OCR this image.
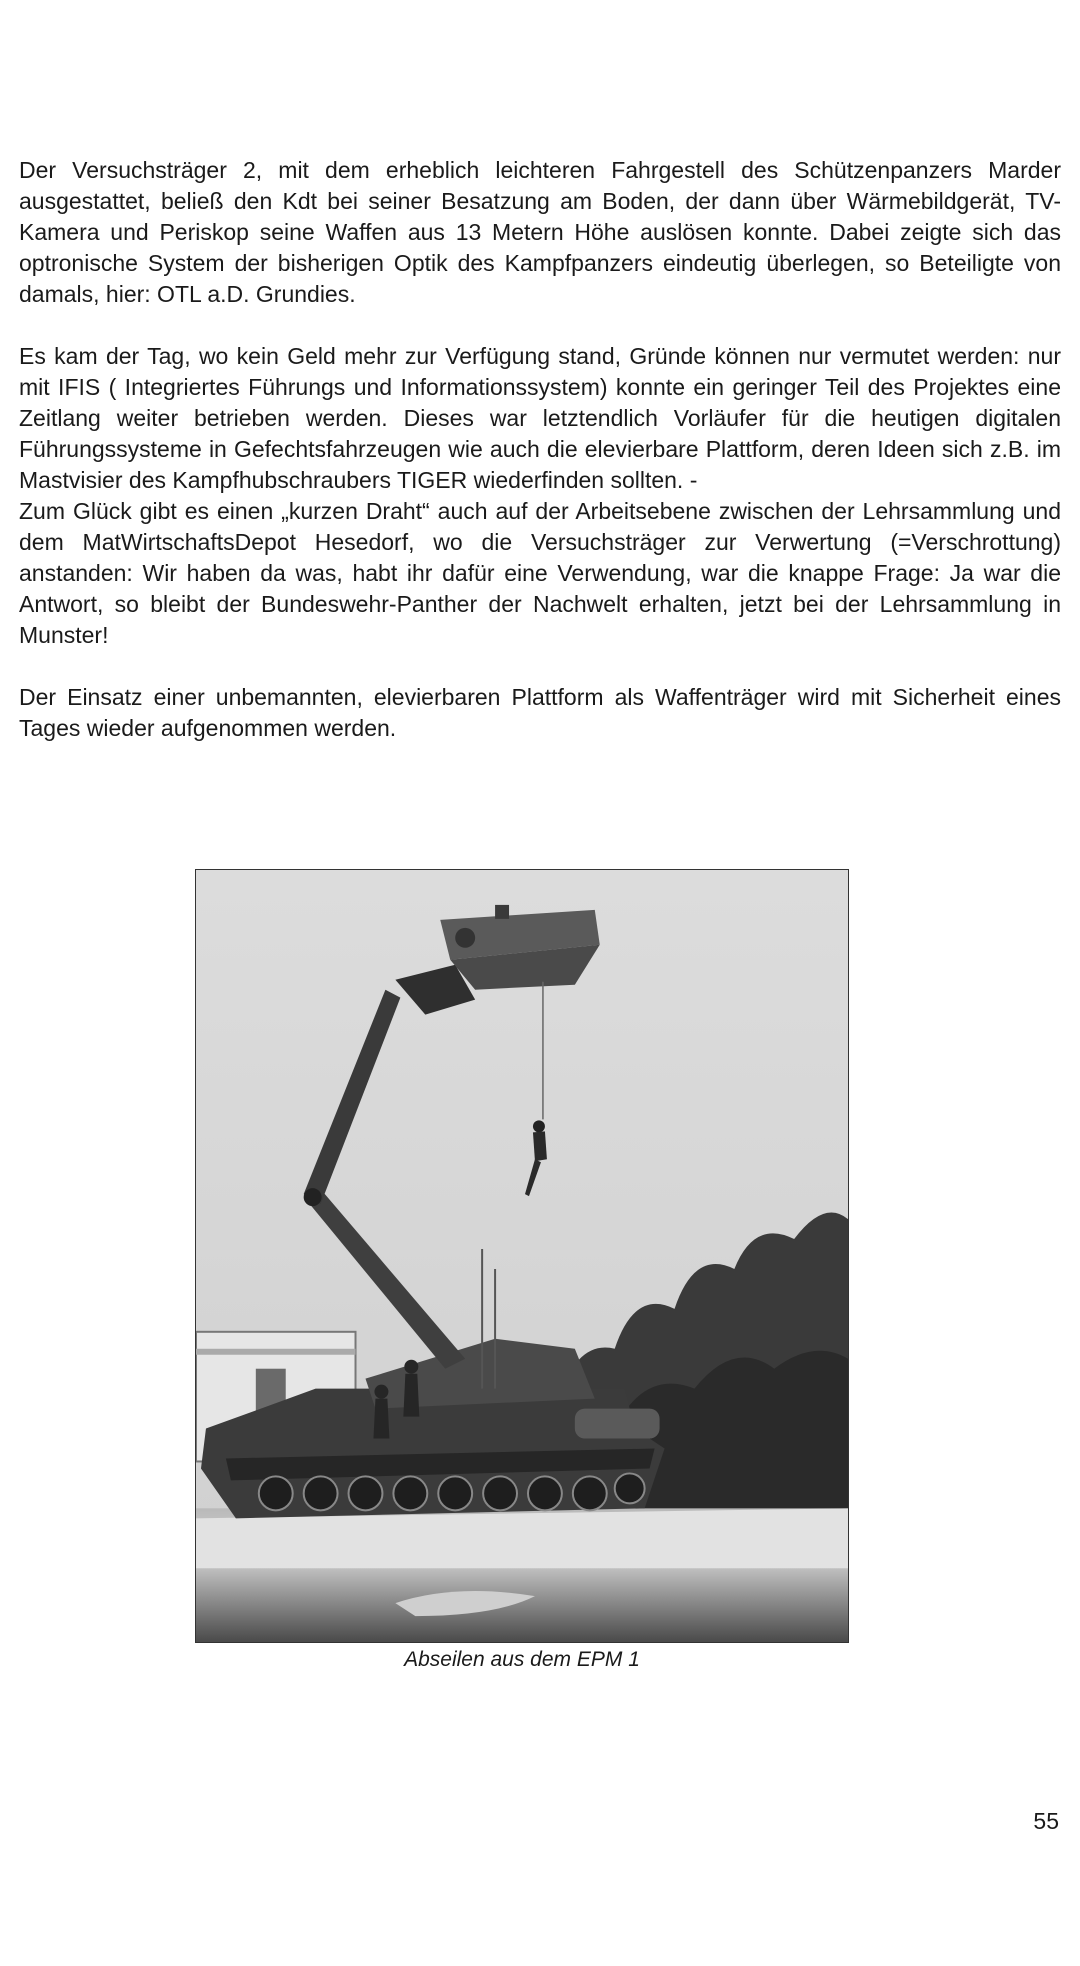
Der Versuchsträger 2, mit dem erheblich leichteren Fahrgestell des Schützenpanzers Marder ausgestattet, beließ den Kdt bei seiner Besatzung am Boden, der dann über Wärmebildgerät, TV-Kamera und Periskop seine Waffen aus 13 Metern Höhe auslösen konnte. Dabei zeigte sich das optronische System der bisherigen Optik des Kampfpanzers eindeutig überlegen, so Beteiligte von damals, hier: OTL a.D. Grundies.

Es kam der Tag, wo kein Geld mehr zur Verfügung stand, Gründe können nur vermutet werden: nur mit IFIS ( Integriertes Führungs und Informationssystem) konnte ein geringer Teil des Projektes eine Zeitlang weiter betrieben werden. Dieses war letztendlich Vorläufer für die heutigen digitalen Führungssysteme in Gefechtsfahrzeugen wie auch die elevierbare Plattform, deren Ideen sich z.B. im Mastvisier des Kampfhubschraubers TIGER wiederfinden sollten. -

Zum Glück gibt es einen „kurzen Draht“ auch auf der Arbeitsebene zwischen der Lehrsammlung und dem MatWirtschaftsDepot Hesedorf, wo die Versuchsträger zur Verwertung (=Verschrottung) anstanden: Wir haben da was, habt ihr dafür eine Verwendung, war die knappe Frage: Ja war die Antwort, so bleibt der Bundeswehr-Panther der Nachwelt erhalten, jetzt bei der Lehrsammlung in Munster!

Der Einsatz einer unbemannten, elevierbaren Plattform als Waffenträger wird mit Sicherheit eines Tages wieder aufgenommen werden.

Abseilen aus dem EPM 1
55
